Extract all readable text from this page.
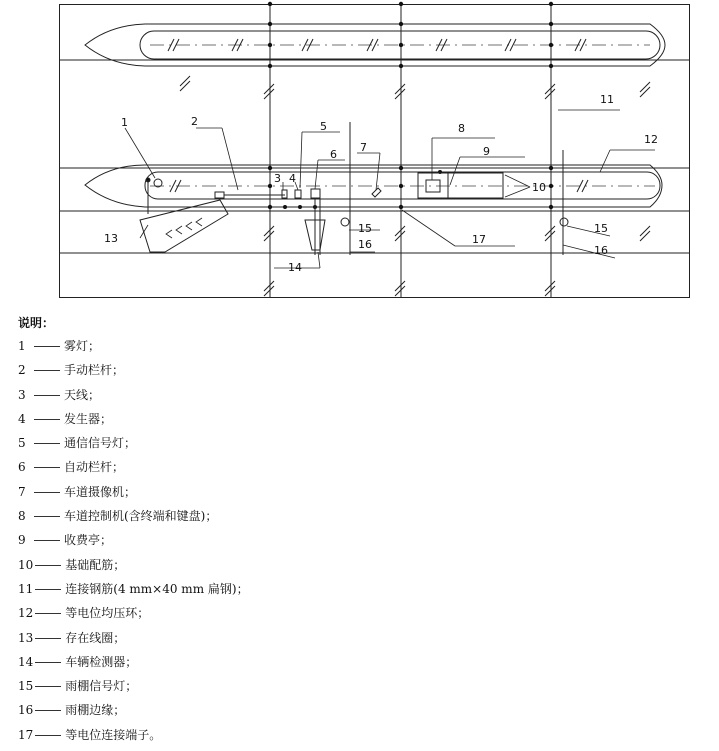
1	2
3 4
5
6
7
8
9
10
11
12
13
14
15	15
16	16
17
说明：
1	雾灯；
2	手动栏杆；
3	天线；
4	发生器；
5	通信信号灯；
6	自动栏杆；
7	车道摄像机；
8	车道控制机(含终端和键盘)；
9	收费亭；
10	基础配筋；
11	连接钢筋(4 mm×40 mm 扁钢)；
12	等电位均压环；
13	存在线圈；
14	车辆检测器；
15	雨棚信号灯；
16	雨棚边缘；
17	等电位连接端子。
